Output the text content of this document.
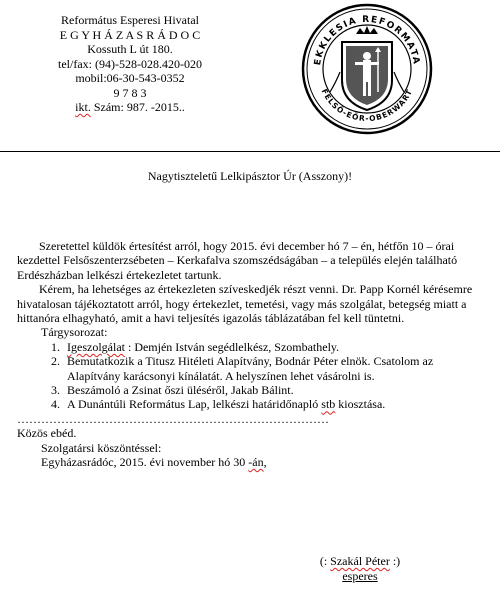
Református Esperesi Hivatal
E G Y H Á Z A S R Á D O C
Kossuth L út 180.
tel/fax: (94)-528-028.420-020
mobil:06-30-543-0352
9 7 8 3
ikt. Szám: 987. -2015..
EKKLESIA REFORMATA
FELSŐ-EŐR-OBERWART
Nagytiszteletű Lelkipásztor Úr (Asszony)!

Szeretettel küldök értesítést arról, hogy 2015. évi december hó 7 – én, hétfőn 10 – órai kezdettel Felsőszenterzsébeten – Kerkafalva szomszédságában – a település elején található Erdészházban lelkészi értekezletet tartunk.

Kérem, ha lehetséges az értekezleten szíveskedjék részt venni. Dr. Papp Kornél kérésemre hivatalosan tájékoztatott arról, hogy értekezlet, temetési, vagy más szolgálat, betegség miatt a hittanóra elhagyható, amit a havi teljesítés igazolás táblázatában fel kell tüntetni.

Tárgysorozat:

1. Igeszolgálat : Demjén István segédlelkész, Szombathely.
2. Bemutatkozik a Titusz Hitéleti Alapítvány, Bodnár Péter elnök. Csatolom az Alapítvány karácsonyi kínálatát. A helyszínen lehet vásárolni is.
3. Beszámoló a Zsinat őszi üléséről, Jakab Bálint.
4. A Dunántúli Református Lap, lelkészi határidőnapló stb kiosztása.

……………………………………………………………………

Közös ebéd.

Szolgatársi köszöntéssel:

Egyházasrádóc, 2015. évi november hó 30 -án,

(: Szakál Péter :)
esperes
